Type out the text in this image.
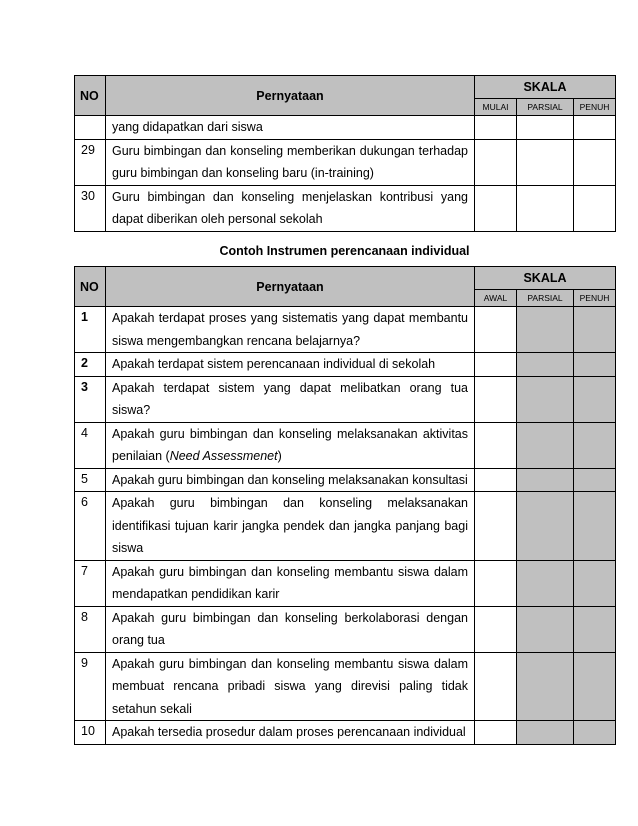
NO	Pernyataan	SKALA		
		MULAI	PARSIAL	PENUH
	yang didapatkan dari siswa			
29	Guru bimbingan dan konseling memberikan dukungan terhadap guru bimbingan dan konseling baru (in-training)			
30	Guru bimbingan dan konseling menjelaskan kontribusi yang dapat diberikan oleh personal sekolah			
Contoh Instrumen perencanaan individual
NO	Pernyataan	SKALA		
		AWAL	PARSIAL	PENUH
1	Apakah terdapat proses yang sistematis yang dapat membantu siswa mengembangkan rencana belajarnya?			
2	Apakah terdapat sistem perencanaan individual di sekolah			
3	Apakah terdapat sistem yang dapat melibatkan orang tua siswa?			
4	Apakah guru bimbingan dan konseling melaksanakan aktivitas penilaian (Need Assessmenet)			
5	Apakah guru bimbingan dan konseling melaksanakan konsultasi			
6	Apakah guru bimbingan dan konseling melaksanakan identifikasi tujuan karir jangka pendek dan jangka panjang bagi siswa			
7	Apakah guru bimbingan dan konseling membantu siswa dalam mendapatkan pendidikan karir			
8	Apakah guru bimbingan dan konseling berkolaborasi dengan orang tua			
9	Apakah guru bimbingan dan konseling membantu siswa dalam membuat rencana pribadi siswa yang direvisi paling tidak setahun sekali			
10	Apakah tersedia prosedur dalam proses perencanaan individual			
